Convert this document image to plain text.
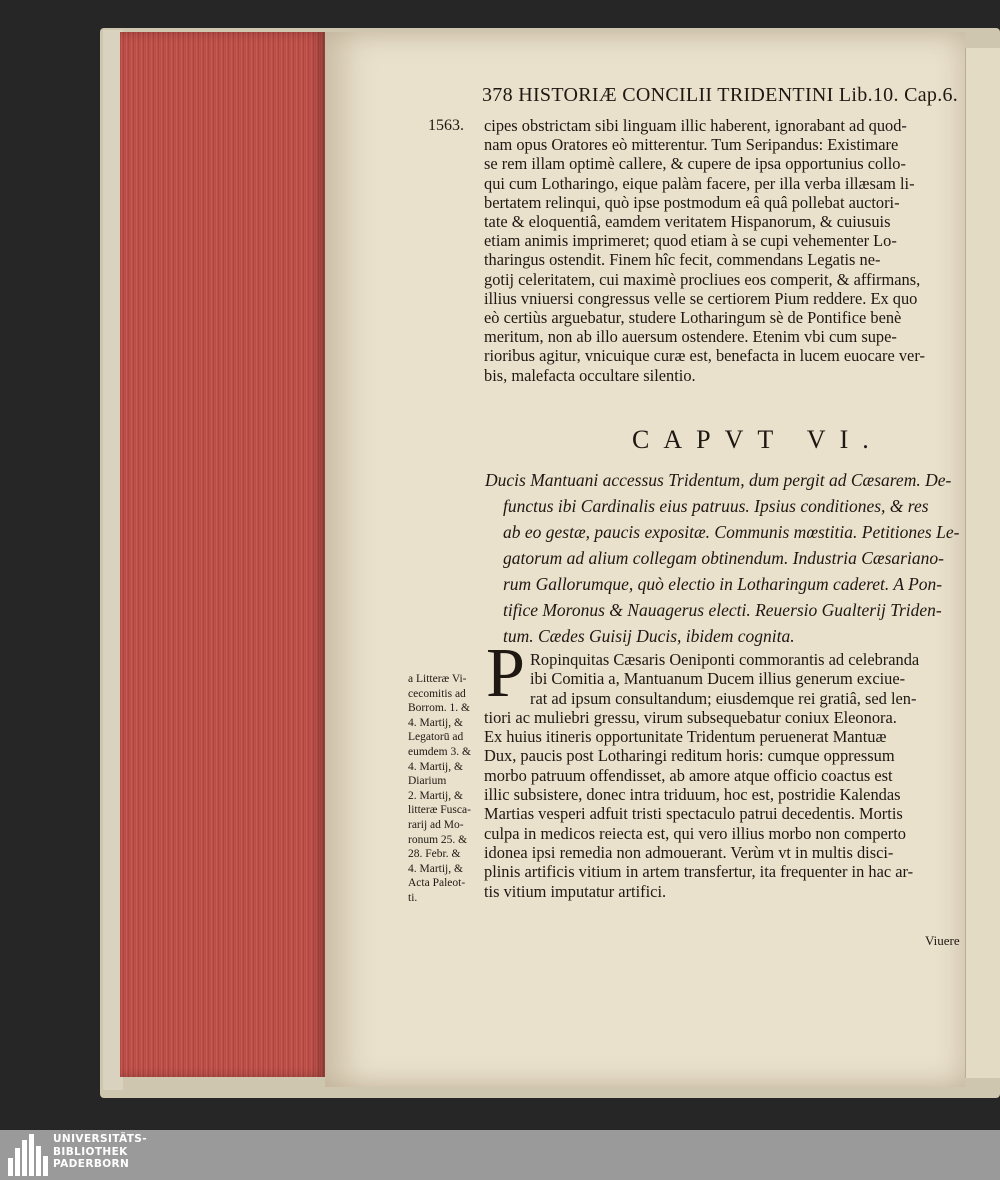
378 HISTORIÆ CONCILII TRIDENTINI Lib.10. Cap.6.
1563. cipes obstrictam sibi linguam illic haberent, ignorabant ad quod-
nam opus Oratores eò mitterentur. Tum Seripandus: Existimare
se rem illam optimè callere, & cupere de ipsa opportunius collo-
qui cum Lotharingo, eique palàm facere, per illa verba illæsam li-
bertatem relinqui, quò ipse postmodum eâ quâ pollebat auctori-
tate & eloquentiâ, eamdem veritatem Hispanorum, & cuiusuis
etiam animis imprimeret; quod etiam à se cupi vehementer Lo-
tharingus ostendit. Finem hîc fecit, commendans Legatis ne-
gotij celeritatem, cui maximè procliues eos comperit, & affirmans,
illius vniuersi congressus velle se certiorem Pium reddere. Ex quo
eò certiùs arguebatur, studere Lotharingum sè de Pontifice benè
meritum, non ab illo auersum ostendere. Etenim vbi cum supe-
rioribus agitur, vnicuique curæ est, benefacta in lucem euocare ver-
bis, malefacta occultare silentio.
CAPVT VI.
Ducis Mantuani accessus Tridentum, dum pergit ad Cæsarem. De-
functus ibi Cardinalis eius patruus. Ipsius conditiones, & res
ab eo gestæ, paucis expositæ. Communis mœstitia. Petitiones Le-
gatorum ad alium collegam obtinendum. Industria Cæsariano-
rum Gallorumque, quò electio in Lotharingum caderet. A Pon-
tifice Moronus & Nauagerus electi. Reuersio Gualterij Triden-
tum. Cædes Guisij Ducis, ibidem cognita.
P Ropinquitas Cæsaris Oeniponti commorantis ad celebranda
ibi Comitia a, Mantuanum Ducem illius generum exciue-
rat ad ipsum consultandum; eiusdemque rei gratiâ, sed len-
tiori ac muliebri gressu, virum subsequebatur coniux Eleonora.
Ex huius itineris opportunitate Tridentum peruenerat Mantuæ
Dux, paucis post Lotharingi reditum horis: cumque oppressum
morbo patruum offendisset, ab amore atque officio coactus est
illic subsistere, donec intra triduum, hoc est, postridie Kalendas
Martias vesperi adfuit tristi spectaculo patrui decedentis. Mortis
culpa in medicos reiecta est, qui vero illius morbo non comperto
idonea ipsi remedia non admouerant. Verùm vt in multis disci-
plinis artificis vitium in artem transfertur, ita frequenter in hac ar-
tis vitium imputatur artifici.
Viuere
a Litteræ Vi-
cecomitis ad
Borrom. 1. &
4. Martij, &
Legatorū ad
eumdem 3. &
4. Martij, &
Diarium
2. Martij, &
litteræ Fusca-
rarij ad Mo-
ronum 25. &
28. Febr. &
4. Martij, &
Acta Paleot-
ti.
UNIVERSITÄTS-
BIBLIOTHEK
PADERBORN
